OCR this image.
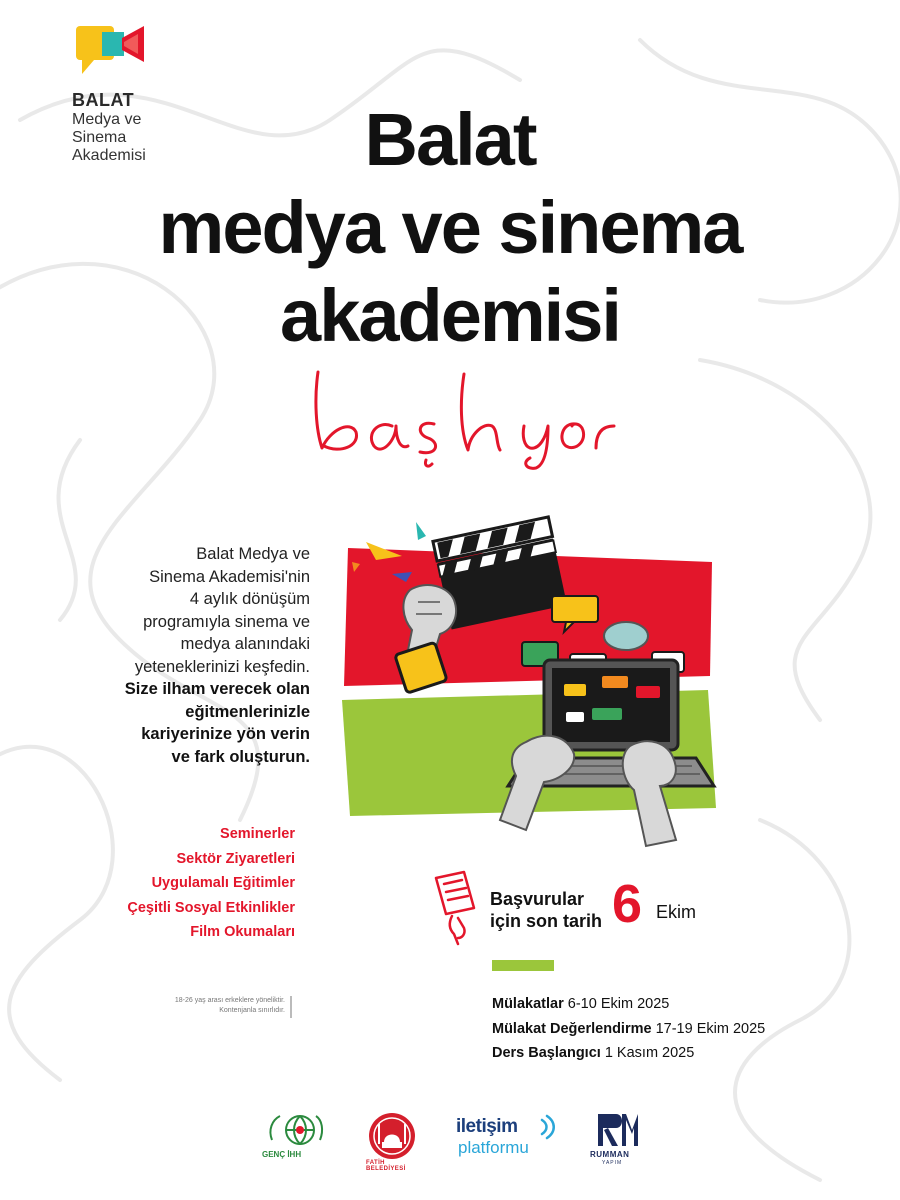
BALAT
Medya ve
Sinema
Akademisi	Balat
medya ve sinema
akademisi
Balat Medya ve
Sinema Akademisi'nin
4 aylık dönüşüm
programıyla sinema ve
medya alanındaki
yeteneklerinizi keşfedin.
Size ilham verecek olan
eğitmenlerinizle
kariyerinize yön verin
ve fark oluşturun.
Seminerler
Sektör Ziyaretleri
Uygulamalı Eğitimler
Çeşitli Sosyal Etkinlikler
Film Okumaları
Başvurular
için son tarih 6 Ekim
Mülakatlar 6-10 Ekim 2025
Mülakat Değerlendirme 17-19 Ekim 2025
Ders Başlangıcı 1 Kasım 2025
18-26 yaş arası erkeklere yöneliktir.
Kontenjanla sınırlıdır.
GENÇ İHH
FATİH BELEDİYESİ
iletişim
platformu	RUMMAN
YAPIM
